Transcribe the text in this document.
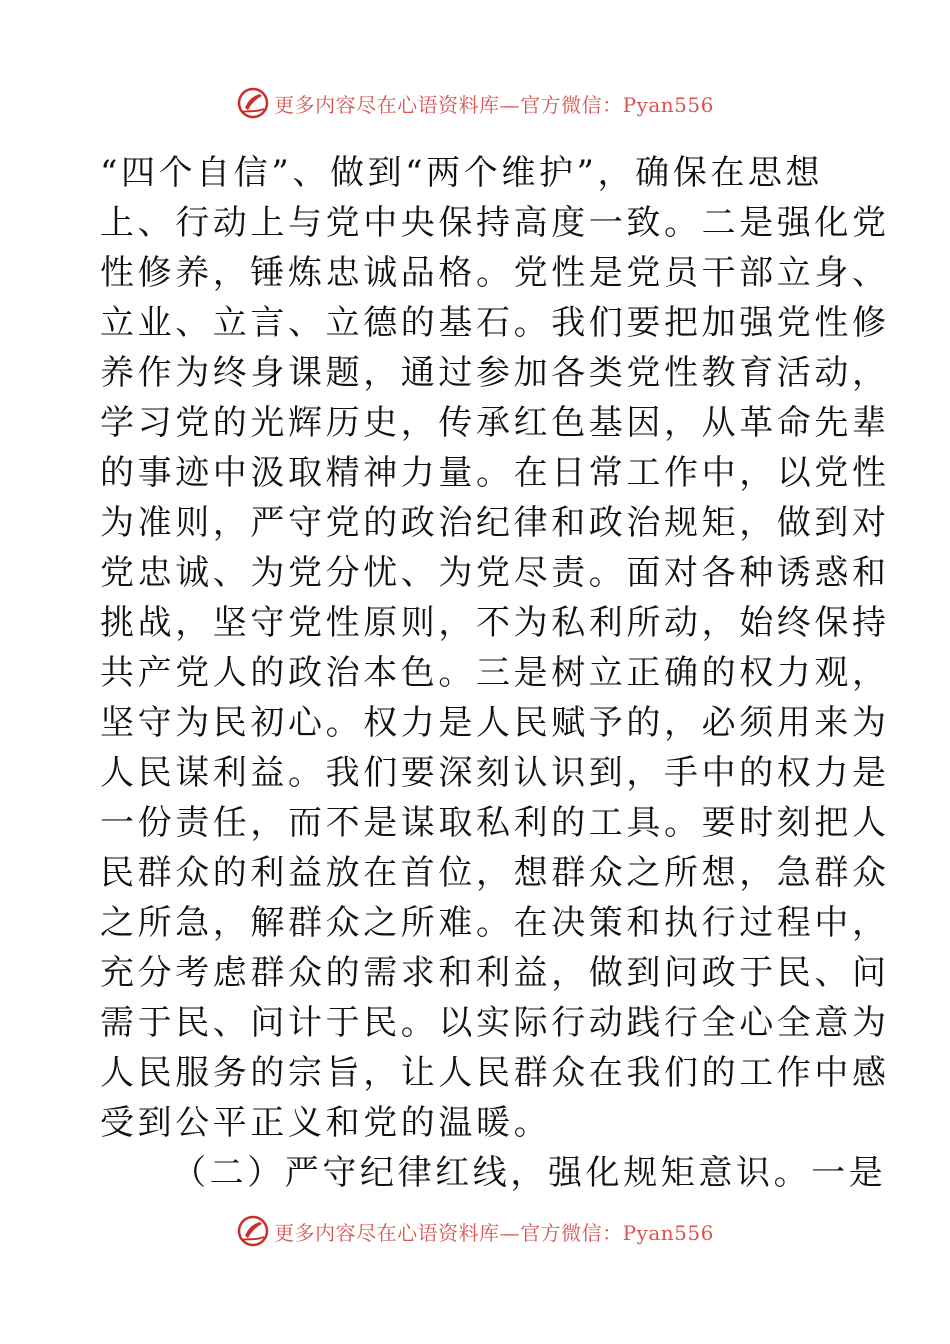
更多内容尽在心语资料库—官方微信：Pyan556
“四个自信”、做到“两个维护”，确保在思想
上、行动上与党中央保持高度一致。二是强化党
性修养，锤炼忠诚品格。党性是党员干部立身、
立业、立言、立德的基石。我们要把加强党性修
养作为终身课题，通过参加各类党性教育活动，
学习党的光辉历史，传承红色基因，从革命先辈
的事迹中汲取精神力量。在日常工作中，以党性
为准则，严守党的政治纪律和政治规矩，做到对
党忠诚、为党分忧、为党尽责。面对各种诱惑和
挑战，坚守党性原则，不为私利所动，始终保持
共产党人的政治本色。三是树立正确的权力观，
坚守为民初心。权力是人民赋予的，必须用来为
人民谋利益。我们要深刻认识到，手中的权力是
一份责任，而不是谋取私利的工具。要时刻把人
民群众的利益放在首位，想群众之所想，急群众
之所急，解群众之所难。在决策和执行过程中，
充分考虑群众的需求和利益，做到问政于民、问
需于民、问计于民。以实际行动践行全心全意为
人民服务的宗旨，让人民群众在我们的工作中感
受到公平正义和党的温暖。
（二）严守纪律红线，强化规矩意识。一是
更多内容尽在心语资料库—官方微信：Pyan556
